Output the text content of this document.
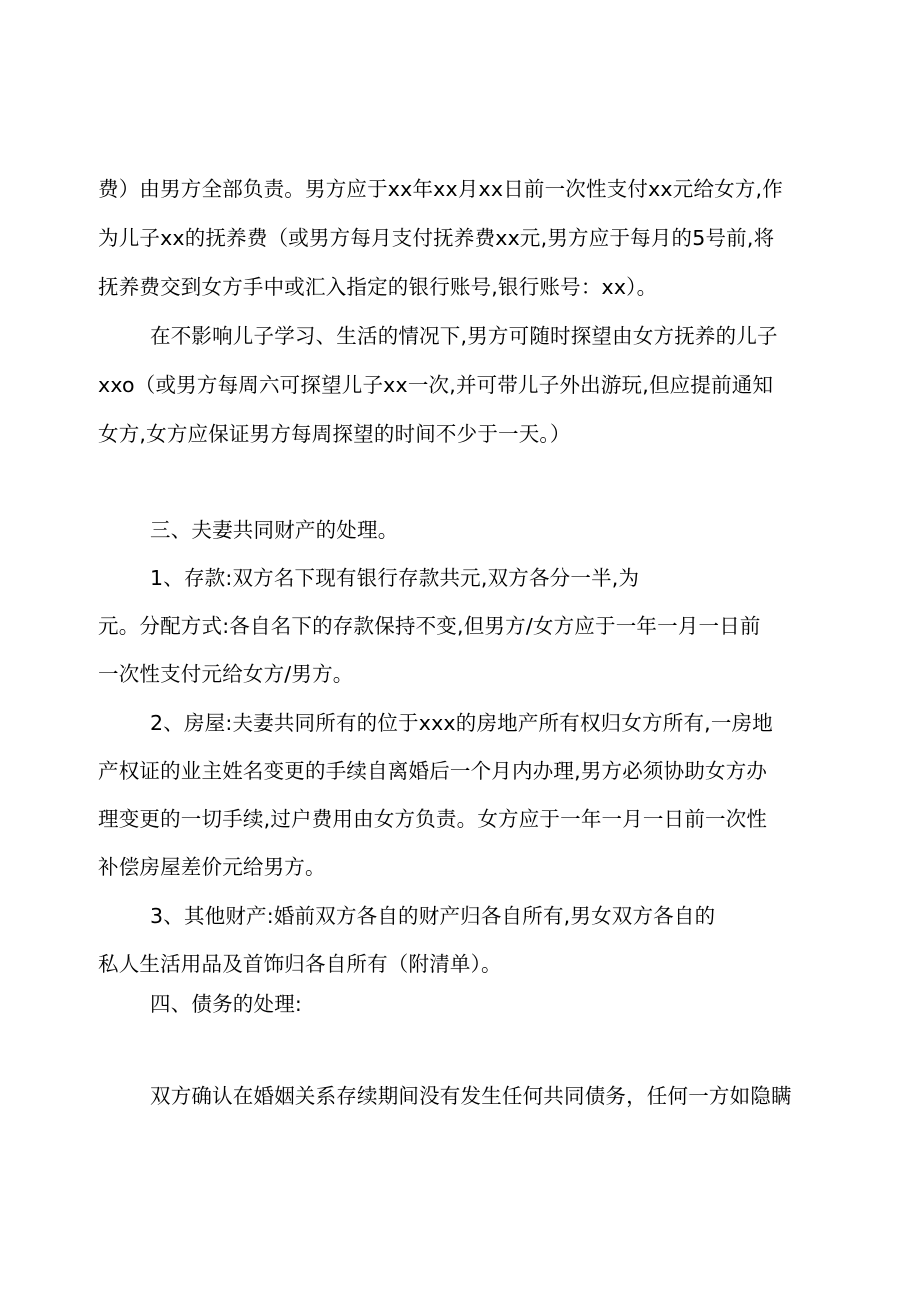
费）由男方全部负责。男方应于xx年xx月xx日前一次性支付xx元给女方,作
为儿子xx的抚养费（或男方每月支付抚养费xx元,男方应于每月的5号前,将
抚养费交到女方手中或汇入指定的银行账号,银行账号：xx）。
在不影响儿子学习、生活的情况下,男方可随时探望由女方抚养的儿子
xxo（或男方每周六可探望儿子xx一次,并可带儿子外出游玩,但应提前通知
女方,女方应保证男方每周探望的时间不少于一天。）
三、夫妻共同财产的处理。
1、存款:双方名下现有银行存款共元,双方各分一半,为
元。分配方式:各自名下的存款保持不变,但男方/女方应于一年一月一日前
一次性支付元给女方/男方。
2、房屋:夫妻共同所有的位于xxx的房地产所有权归女方所有,一房地
产权证的业主姓名变更的手续自离婚后一个月内办理,男方必须协助女方办
理变更的一切手续,过户费用由女方负责。女方应于一年一月一日前一次性
补偿房屋差价元给男方。
3、其他财产:婚前双方各自的财产归各自所有,男女双方各自的
私人生活用品及首饰归各自所有（附清单）。
四、债务的处理:
双方确认在婚姻关系存续期间没有发生任何共同债务，任何一方如隐瞒
